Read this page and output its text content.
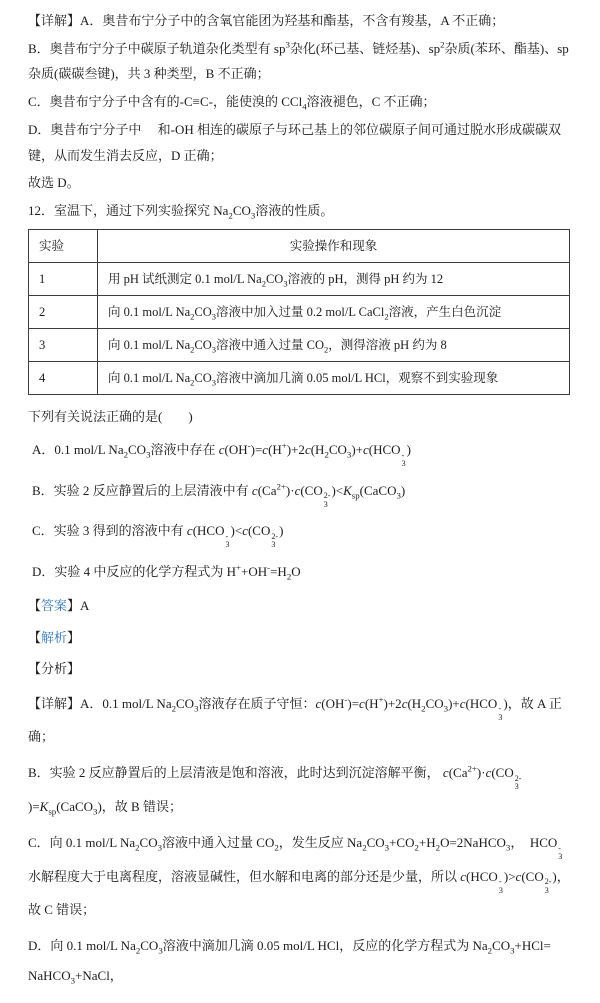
【详解】A．奥昔布宁分子中的含氧官能团为羟基和酯基，不含有羧基，A 不正确；

B．奥昔布宁分子中碳原子轨道杂化类型有 $sp^3$杂化(环己基、链烃基)、$sp^2$杂质(苯环、酯基)、sp 杂质(碳碳叁键)，共 3 种类型，B 不正确；

C．奥昔布宁分子中含有的-C≡C-，能使溴的 CCl$_4$溶液褪色，C 不正确；

D．奥昔布宁分子中　 和-OH 相连的碳原子与环己基上的邻位碳原子间可通过脱水形成碳碳双键，从而发生消去反应，D 正确；

故选 D。

12．室温下，通过下列实验探究 $Na_2CO_3$溶液的性质。

实验	实验操作和现象
1	用 pH 试纸测定 0.1 mol/L $Na_2CO_3$溶液的 pH，测得 pH 约为 12
2	向 0.1 mol/L $Na_2CO_3$溶液中加入过量 0.2 mol/L CaCl$_2$溶液，产生白色沉淀
3	向 0.1 mol/L $Na_2CO_3$溶液中通入过量 $CO_2$，测得溶液 pH 约为 8
4	向 0.1 mol/L $Na_2CO_3$溶液中滴加几滴 0.05 mol/L HCl，观察不到实验现象

下列有关说法正确的是(　　)

A．0.1 mol/L $Na_2CO_3$溶液中存在 $c(OH^-)=c(H^+)+2c(H_2CO_3)+c(HCO$ -
3
)

B．实验 2 反应静置后的上层清液中有 $c(Ca^{2+})\cdot c(CO$ 2-
3
)$<K_{sp}(CaCO_3)$

C．实验 3 得到的溶液中有 c(HCO -
3
)<c(CO 2-
3
)

D．实验 4 中反应的化学方程式为 $H^++OH^-=H_2O$

【答案】A

【解析】

【分析】

【详解】A．0.1 mol/L $Na_2CO_3$溶液存在质子守恒：$c(OH^-)=c(H^+)+2c(H_2CO_3)+c(HCO$ -
3
)，故 A 正确；

B．实验 2 反应静置后的上层清液是饱和溶液，此时达到沉淀溶解平衡， $c(Ca^{2+})\cdot c(CO$ 2-
3
)$=K_{sp}(CaCO_3)$，故 B 错误；

C．向 0.1 mol/L $Na_2CO_3$溶液中通入过量 $CO_2$，发生反应 $Na_2CO_3+CO_2+H_2O=2NaHCO_3$，　HCO -
3
水解程度大于电离程度，溶液显碱性，但水解和电离的部分还是少量，所以 c(HCO -
3
)>c(CO 2-
3
)，故 C 错误；

D．向 0.1 mol/L $Na_2CO_3$溶液中滴加几滴 0.05 mol/L HCl，反应的化学方程式为 $Na_2CO_3+HCl=$ NaHCO$_3$+NaCl，
